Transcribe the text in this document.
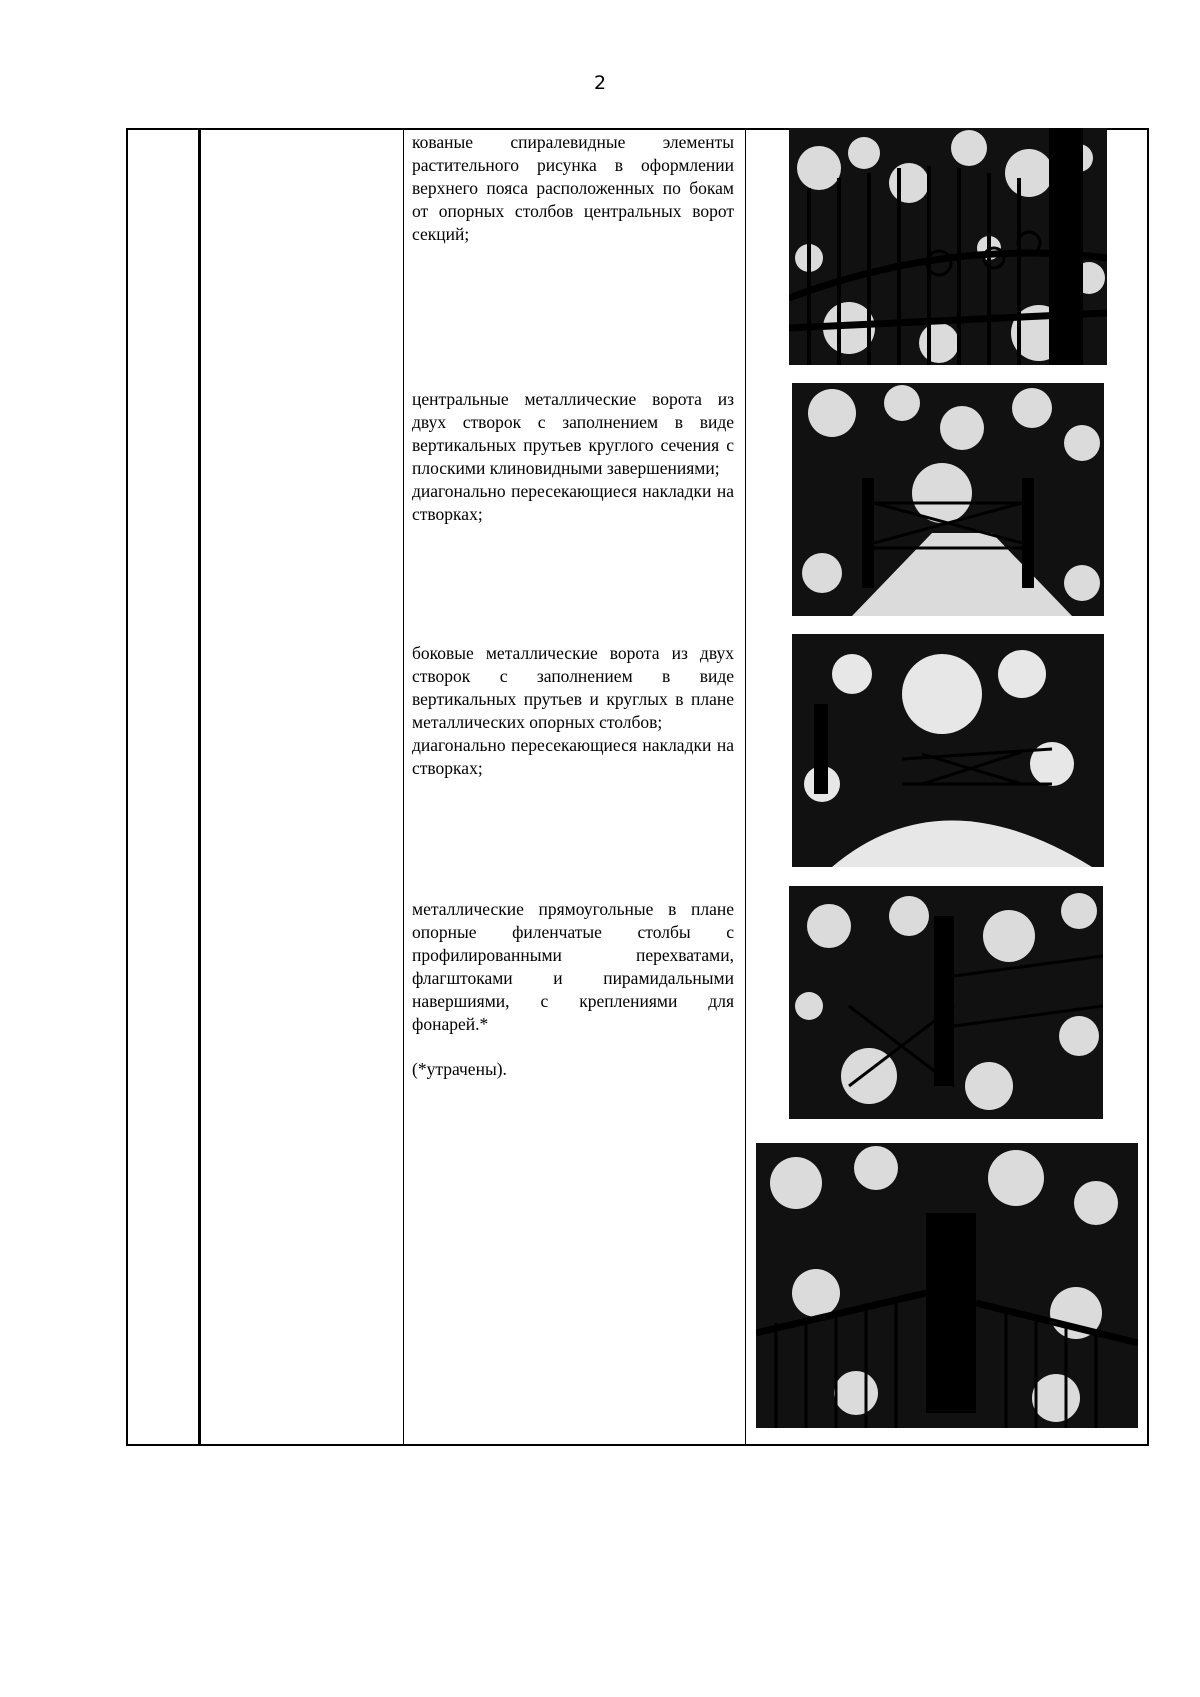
2

кованые спиралевидные элементы растительного рисунка в оформлении верхнего пояса расположенных по бокам от опорных столбов центральных ворот секций;

центральные металлические ворота из двух створок с заполнением в виде вертикальных прутьев круглого сечения с плоскими клиновидными завершениями;

диагонально пересекающиеся накладки на створках;

боковые металлические ворота из двух створок с заполнением в виде вертикальных прутьев и круглых в плане металлических опорных столбов;

диагонально пересекающиеся накладки на створках;

металлические прямоугольные в плане опорные филенчатые столбы с профилированными перехватами, флагштоками и пирамидальными навершиями, с креплениями для фонарей.*

(*утрачены).
